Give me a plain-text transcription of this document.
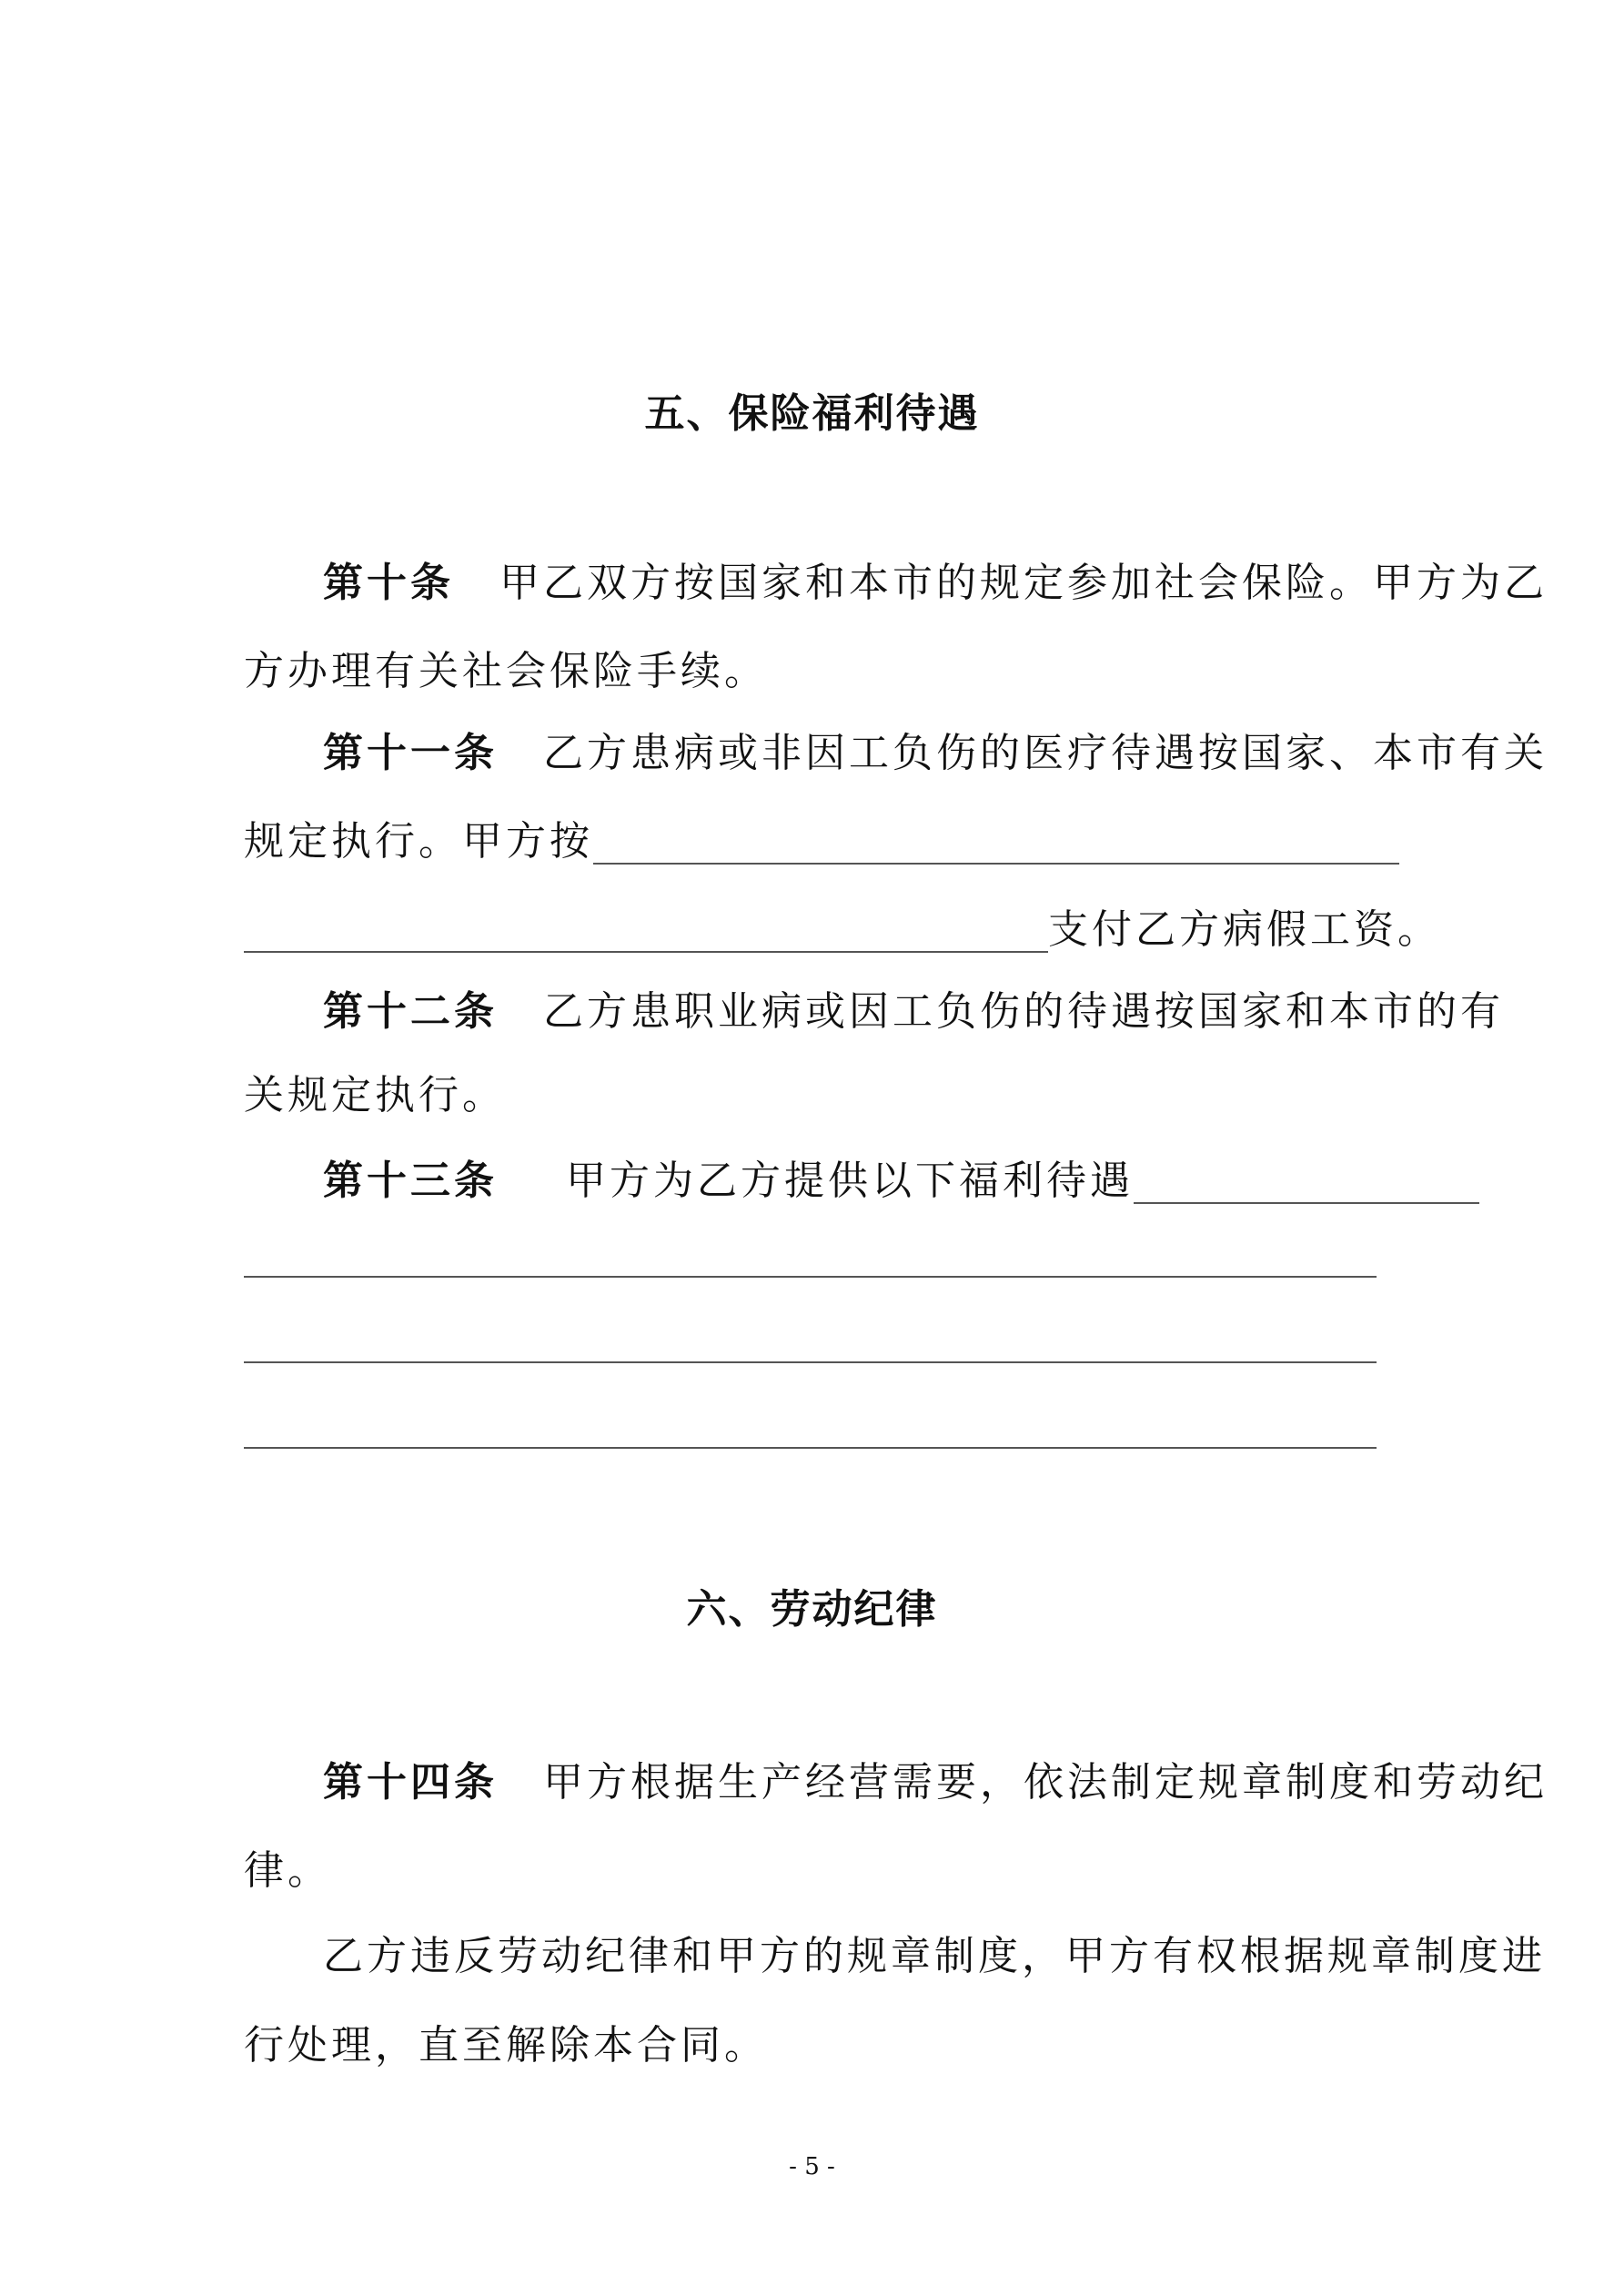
五、保险福利待遇
第十条 甲乙双方按国家和本市的规定参加社会保险。甲方为乙
方办理有关社会保险手续。
第十一条 乙方患病或非因工负伤的医疗待遇按国家、本市有关
规定执行。甲方按
支付乙方病假工资。
第十二条 乙方患职业病或因工负伤的待遇按国家和本市的有
关规定执行。
第十三条 甲方为乙方提供以下福利待遇
六、劳动纪律
第十四条 甲方根据生产经营需要，依法制定规章制度和劳动纪
律。
乙方违反劳动纪律和甲方的规章制度，甲方有权根据规章制度进
行处理，直至解除本合同。
- 5 -
